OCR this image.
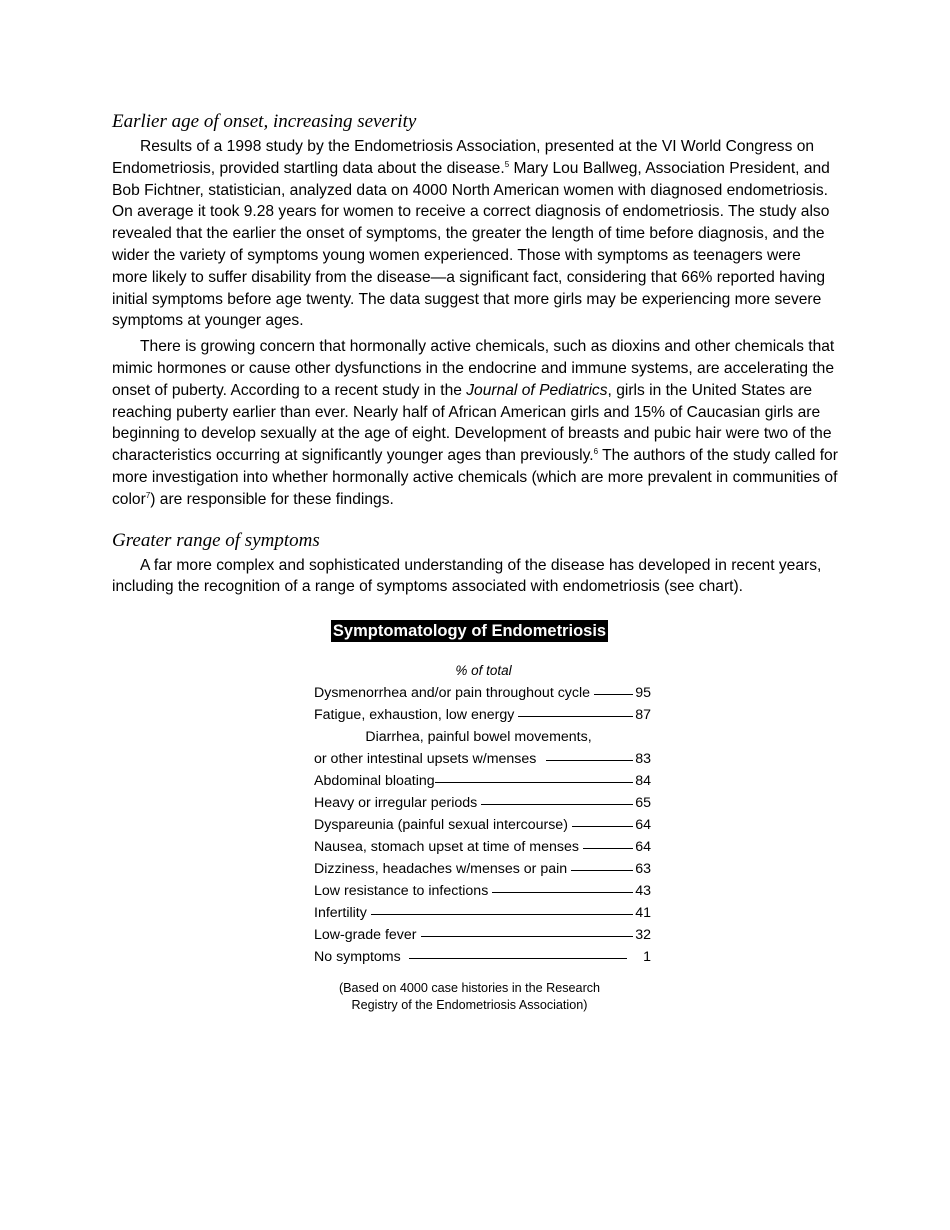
Earlier age of onset, increasing severity

Results of a 1998 study by the Endometriosis Association, presented at the VI World Congress on Endometriosis, provided startling data about the disease.$^5$ Mary Lou Ballweg, Association President, and Bob Fichtner, statistician, analyzed data on 4000 North American women with diagnosed endometriosis. On average it took 9.28 years for women to receive a correct diagnosis of endometriosis. The study also revealed that the earlier the onset of symptoms, the greater the length of time before diagnosis, and the wider the variety of symptoms young women experienced. Those with symptoms as teenagers were more likely to suffer disability from the disease—a significant fact, considering that 66% reported having initial symptoms before age twenty. The data suggest that more girls may be experiencing more severe symptoms at younger ages.

There is growing concern that hormonally active chemicals, such as dioxins and other chemicals that mimic hormones or cause other dysfunctions in the endocrine and immune systems, are accelerating the onset of puberty. According to a recent study in the Journal of Pediatrics, girls in the United States are reaching puberty earlier than ever. Nearly half of African American girls and 15% of Caucasian girls are beginning to develop sexually at the age of eight. Development of breasts and pubic hair were two of the characteristics occurring at significantly younger ages than previously.$^6$ The authors of the study called for more investigation into whether hormonally active chemicals (which are more prevalent in communities of color$^7$) are responsible for these findings.

Greater range of symptoms

A far more complex and sophisticated understanding of the disease has developed in recent years, including the recognition of a range of symptoms associated with endometriosis (see chart).

Symptomatology of Endometriosis
% of total
Dysmenorrhea and/or pain throughout cycle	95
Fatigue, exhaustion, low energy	87
Diarrhea, painful bowel movements,
or other intestinal upsets w/menses	83
Abdominal bloating	84
Heavy or irregular periods	65
Dyspareunia (painful sexual intercourse)	64
Nausea, stomach upset at time of menses	64
Dizziness, headaches w/menses or pain	63
Low resistance to infections	43
Infertility	41
Low-grade fever	32
No symptoms	1
(Based on 4000 case histories in the Research
Registry of the Endometriosis Association)
